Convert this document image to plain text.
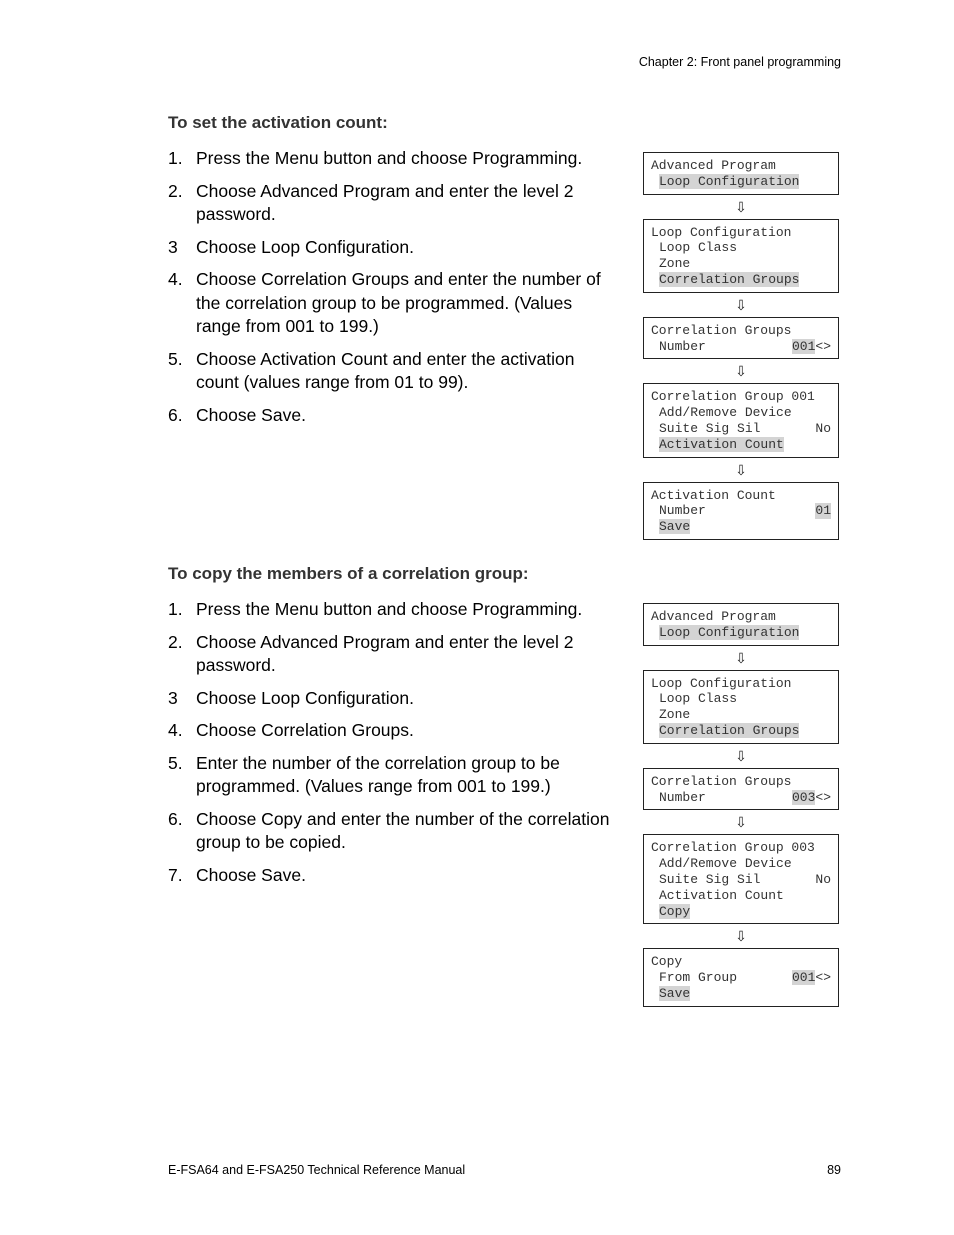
Chapter 2: Front panel programming
To set the activation count:
1. Press the Menu button and choose Programming.
2. Choose Advanced Program and enter the level 2 password.
3 Choose Loop Configuration.
4. Choose Correlation Groups and enter the number of the correlation group to be programmed. (Values range from 001 to 199.)
5. Choose Activation Count and enter the activation count (values range from 01 to 99).
6. Choose Save.
Advanced Program
Loop Configuration
⇩
Loop Configuration
Loop Class
Zone
Correlation Groups
⇩
Correlation Groups
Number	001<>
⇩
Correlation Group 001
Add/Remove Device
Suite Sig Sil	No
Activation Count
⇩
Activation Count
Number	01
Save
To copy the members of a correlation group:
1. Press the Menu button and choose Programming.
2. Choose Advanced Program and enter the level 2 password.
3 Choose Loop Configuration.
4. Choose Correlation Groups.
5. Enter the number of the correlation group to be programmed. (Values range from 001 to 199.)
6. Choose Copy and enter the number of the correlation group to be copied.
7. Choose Save.
Advanced Program
Loop Configuration
⇩
Loop Configuration
Loop Class
Zone
Correlation Groups
⇩
Correlation Groups
Number	003<>
⇩
Correlation Group 003
Add/Remove Device
Suite Sig Sil	No
Activation Count
Copy
⇩
Copy
From Group	001<>
Save
E-FSA64 and E-FSA250 Technical Reference Manual	89
